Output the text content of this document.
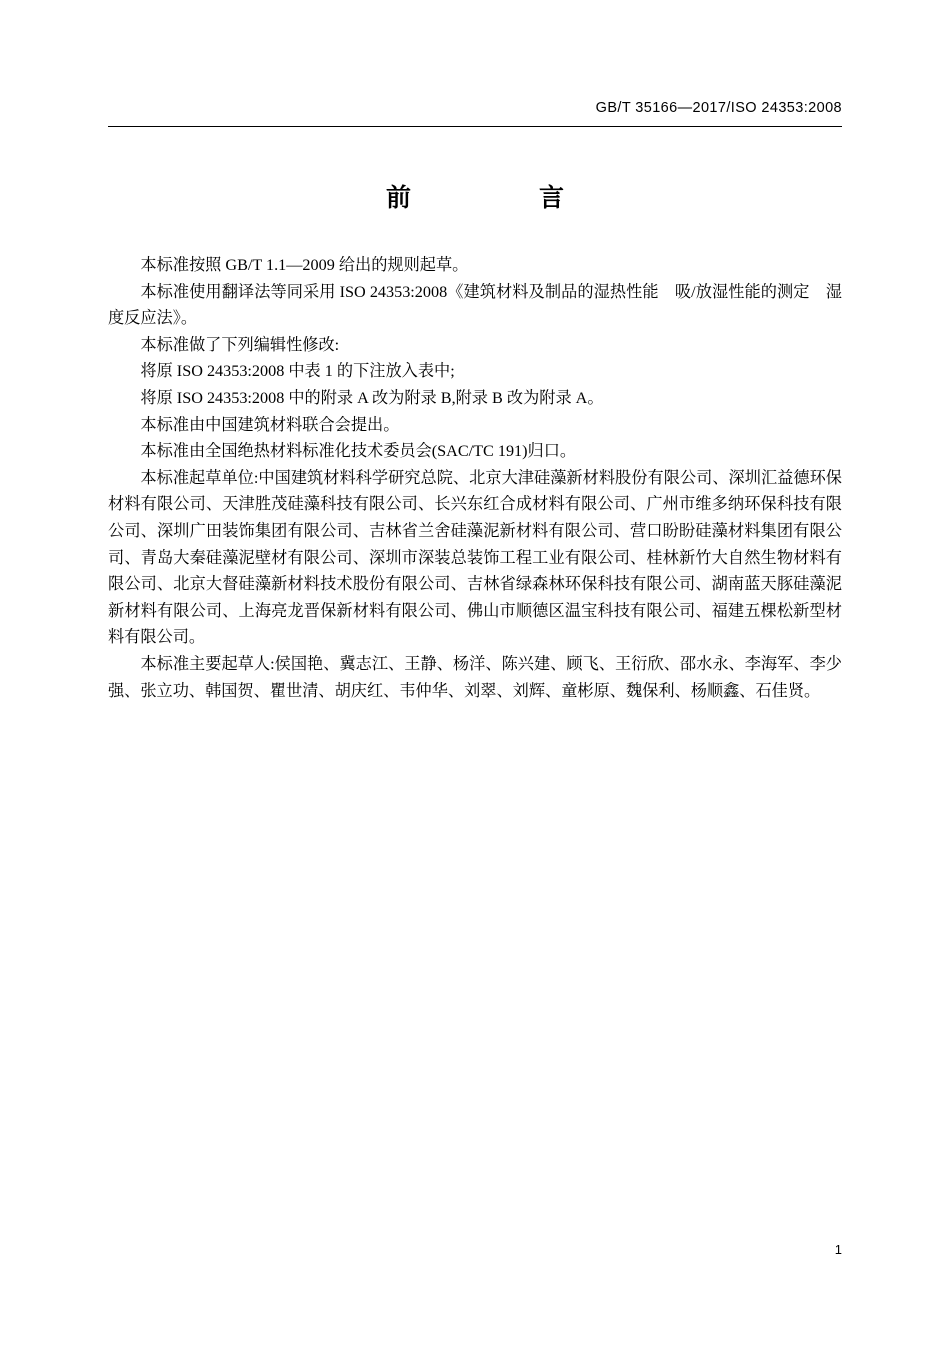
GB/T 35166—2017/ISO 24353:2008
前　　言

本标准按照 GB/T 1.1—2009 给出的规则起草。

本标准使用翻译法等同采用 ISO 24353:2008《建筑材料及制品的湿热性能　吸/放湿性能的测定　湿度反应法》。

本标准做了下列编辑性修改:

将原 ISO 24353:2008 中表 1 的下注放入表中;

将原 ISO 24353:2008 中的附录 A 改为附录 B,附录 B 改为附录 A。

本标准由中国建筑材料联合会提出。

本标准由全国绝热材料标准化技术委员会(SAC/TC 191)归口。

本标准起草单位:中国建筑材料科学研究总院、北京大津硅藻新材料股份有限公司、深圳汇益德环保材料有限公司、天津胜茂硅藻科技有限公司、长兴东红合成材料有限公司、广州市维多纳环保科技有限公司、深圳广田装饰集团有限公司、吉林省兰舍硅藻泥新材料有限公司、营口盼盼硅藻材料集团有限公司、青岛大秦硅藻泥壁材有限公司、深圳市深装总装饰工程工业有限公司、桂林新竹大自然生物材料有限公司、北京大督硅藻新材料技术股份有限公司、吉林省绿森林环保科技有限公司、湖南蓝天豚硅藻泥新材料有限公司、上海亮龙晋保新材料有限公司、佛山市顺德区温宝科技有限公司、福建五棵松新型材料有限公司。

本标准主要起草人:侯国艳、冀志江、王静、杨洋、陈兴建、顾飞、王衍欣、邵水永、李海军、李少强、张立功、韩国贺、瞿世清、胡庆红、韦仲华、刘翠、刘辉、童彬原、魏保利、杨顺鑫、石佳贤。

1
